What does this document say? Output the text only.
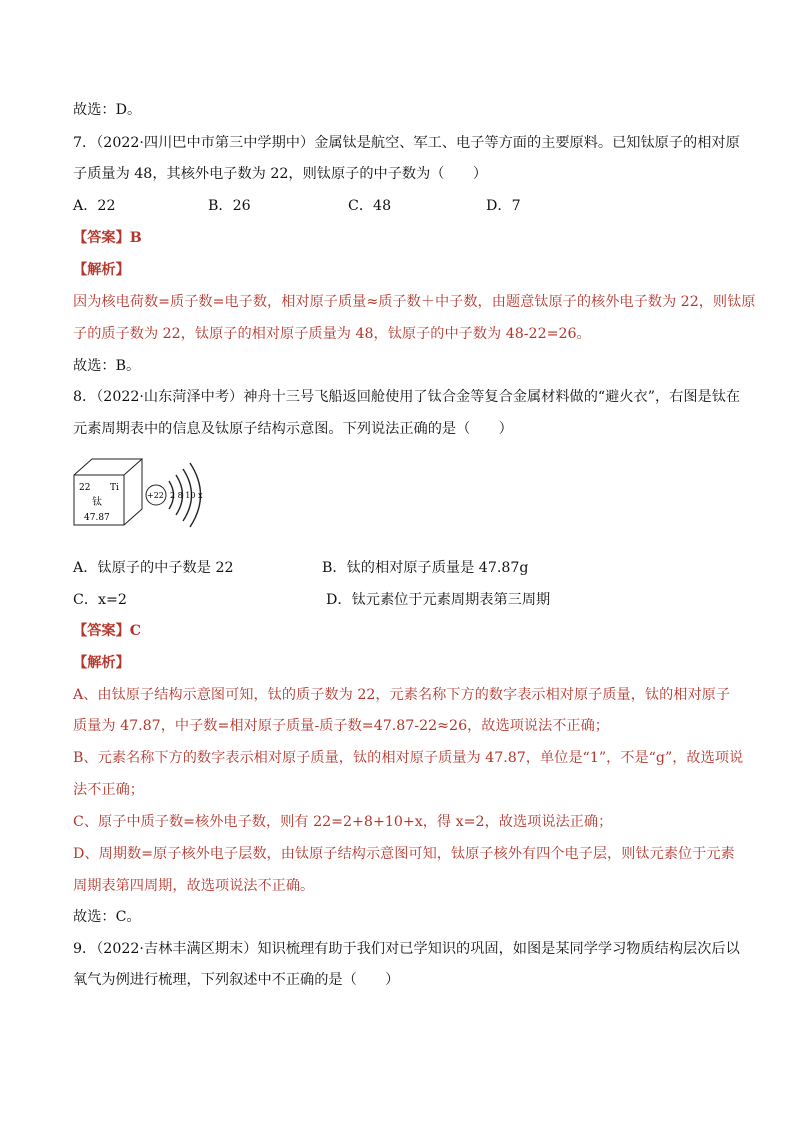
故选：D。
7．（2022·四川巴中市第三中学期中）金属钛是航空、军工、电子等方面的主要原料。已知钛原子的相对原
子质量为 48，其核外电子数为 22，则钛原子的中子数为（　　）
A．22	B．26	C．48	D．7
【答案】B
【解析】
因为核电荷数=质子数=电子数，相对原子质量≈质子数＋中子数，由题意钛原子的核外电子数为 22，则钛原
子的质子数为 22，钛原子的相对原子质量为 48，钛原子的中子数为 48-22=26。
故选：B。
8．（2022·山东菏泽中考）神舟十三号飞船返回舱使用了钛合金等复合金属材料做的“避火衣”，右图是钛在
元素周期表中的信息及钛原子结构示意图。下列说法正确的是（　　）
22 Ti
钛
47.87
+22 2 8 10 x
A．钛原子的中子数是 22	B．钛的相对原子质量是 47.87g
C．x=2	D．钛元素位于元素周期表第三周期
【答案】C
【解析】
A、由钛原子结构示意图可知，钛的质子数为 22，元素名称下方的数字表示相对原子质量，钛的相对原子
质量为 47.87，中子数=相对原子质量-质子数=47.87-22≈26，故选项说法不正确；
B、元素名称下方的数字表示相对原子质量，钛的相对原子质量为 47.87，单位是“1”，不是“g”，故选项说
法不正确；
C、原子中质子数=核外电子数，则有 22=2+8+10+x，得 x=2，故选项说法正确；
D、周期数=原子核外电子层数，由钛原子结构示意图可知，钛原子核外有四个电子层，则钛元素位于元素
周期表第四周期，故选项说法不正确。
故选：C。
9．（2022·吉林丰满区期末）知识梳理有助于我们对已学知识的巩固，如图是某同学学习物质结构层次后以
氧气为例进行梳理，下列叙述中不正确的是（　　）
